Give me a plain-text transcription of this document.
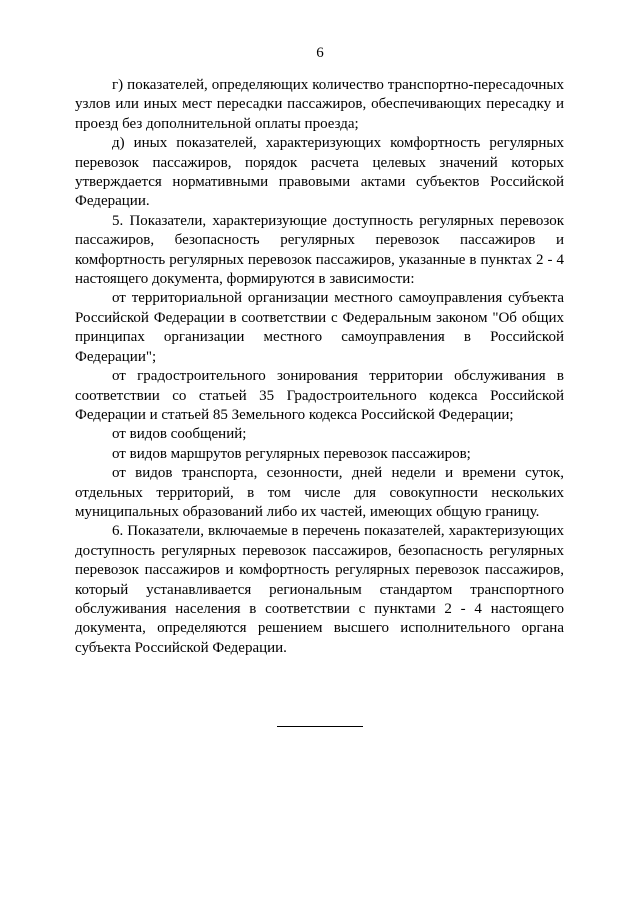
6

г) показателей, определяющих количество транспортно-пересадочных узлов или иных мест пересадки пассажиров, обеспечивающих пересадку и проезд без дополнительной оплаты проезда;

д) иных показателей, характеризующих комфортность регулярных перевозок пассажиров, порядок расчета целевых значений которых утверждается нормативными правовыми актами субъектов Российской Федерации.

5. Показатели, характеризующие доступность регулярных перевозок пассажиров, безопасность регулярных перевозок пассажиров и комфортность регулярных перевозок пассажиров, указанные в пунктах 2 - 4 настоящего документа, формируются в зависимости:

от территориальной организации местного самоуправления субъекта Российской Федерации в соответствии с Федеральным законом "Об общих принципах организации местного самоуправления в Российской Федерации";

от градостроительного зонирования территории обслуживания в соответствии со статьей 35 Градостроительного кодекса Российской Федерации и статьей 85 Земельного кодекса Российской Федерации;

от видов сообщений;

от видов маршрутов регулярных перевозок пассажиров;

от видов транспорта, сезонности, дней недели и времени суток, отдельных территорий, в том числе для совокупности нескольких муниципальных образований либо их частей, имеющих общую границу.

6. Показатели, включаемые в перечень показателей, характеризующих доступность регулярных перевозок пассажиров, безопасность регулярных перевозок пассажиров и комфортность регулярных перевозок пассажиров, который устанавливается региональным стандартом транспортного обслуживания населения в соответствии с пунктами 2 - 4 настоящего документа, определяются решением высшего исполнительного органа субъекта Российской Федерации.
